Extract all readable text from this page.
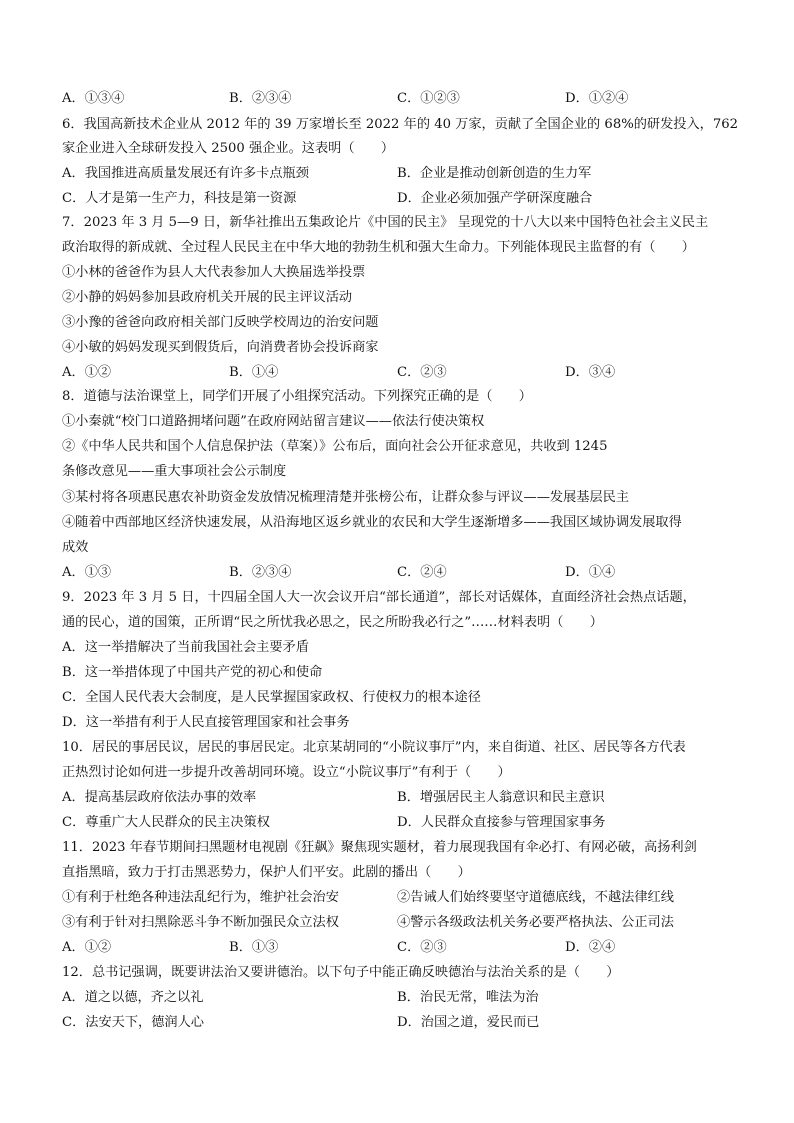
A．①③④	B．②③④	C．①②③	D．①②④
6．我国高新技术企业从 2012 年的 39 万家增长至 2022 年的 40 万家，贡献了全国企业的 68%的研发投入，762
家企业进入全球研发投入 2500 强企业。这表明（　　）
A．我国推进高质量发展还有许多卡点瓶颈	B．企业是推动创新创造的生力军
C．人才是第一生产力，科技是第一资源	D．企业必须加强产学研深度融合
7．2023 年 3 月 5—9 日，新华社推出五集政论片《中国的民主》 呈现党的十八大以来中国特色社会主义民主
政治取得的新成就、全过程人民民主在中华大地的勃勃生机和强大生命力。下列能体现民主监督的有（　　）
①小林的爸爸作为县人大代表参加人大换届选举投票
②小静的妈妈参加县政府机关开展的民主评议活动
③小豫的爸爸向政府相关部门反映学校周边的治安问题
④小敏的妈妈发现买到假货后，向消费者协会投诉商家
A．①②	B．①④	C．②③	D．③④
8．道德与法治课堂上，同学们开展了小组探究活动。下列探究正确的是（　　）
①小秦就“校门口道路拥堵问题”在政府网站留言建议——依法行使决策权
②《中华人民共和国个人信息保护法（草案）》公布后，面向社会公开征求意见，共收到 1245
条修改意见——重大事项社会公示制度
③某村将各项惠民惠农补助资金发放情况梳理清楚并张榜公布，让群众参与评议——发展基层民主
④随着中西部地区经济快速发展，从沿海地区返乡就业的农民和大学生逐渐增多——我国区域协调发展取得
成效
A．①③	B．②③④	C．②④	D．①④
9．2023 年 3 月 5 日，十四届全国人大一次会议开启“部长通道”，部长对话媒体，直面经济社会热点话题，
通的民心，道的国策，正所谓“民之所忧我必思之，民之所盼我必行之”……材料表明（　　）
A．这一举措解决了当前我国社会主要矛盾
B．这一举措体现了中国共产党的初心和使命
C．全国人民代表大会制度，是人民掌握国家政权、行使权力的根本途径
D．这一举措有利于人民直接管理国家和社会事务
10．居民的事居民议，居民的事居民定。北京某胡同的“小院议事厅”内，来自街道、社区、居民等各方代表
正热烈讨论如何进一步提升改善胡同环境。设立“小院议事厅”有利于（　　）
A．提高基层政府依法办事的效率	B．增强居民主人翁意识和民主意识
C．尊重广大人民群众的民主决策权	D．人民群众直接参与管理国家事务
11．2023 年春节期间扫黑题材电视剧《狂飙》聚焦现实题材，着力展现我国有伞必打、有网必破，高扬利剑
直指黑暗，致力于打击黑恶势力，保护人们平安。此剧的播出（　　）
①有利于杜绝各种违法乱纪行为，维护社会治安	②告诫人们始终要坚守道德底线，不越法律红线
③有利于针对扫黑除恶斗争不断加强民众立法权	④警示各级政法机关务必要严格执法、公正司法
A．①②	B．①③	C．②③	D．②④
12．总书记强调，既要讲法治又要讲德治。以下句子中能正确反映德治与法治关系的是（　　）
A．道之以德，齐之以礼	B．治民无常，唯法为治
C．法安天下，德润人心	D．治国之道，爱民而已
